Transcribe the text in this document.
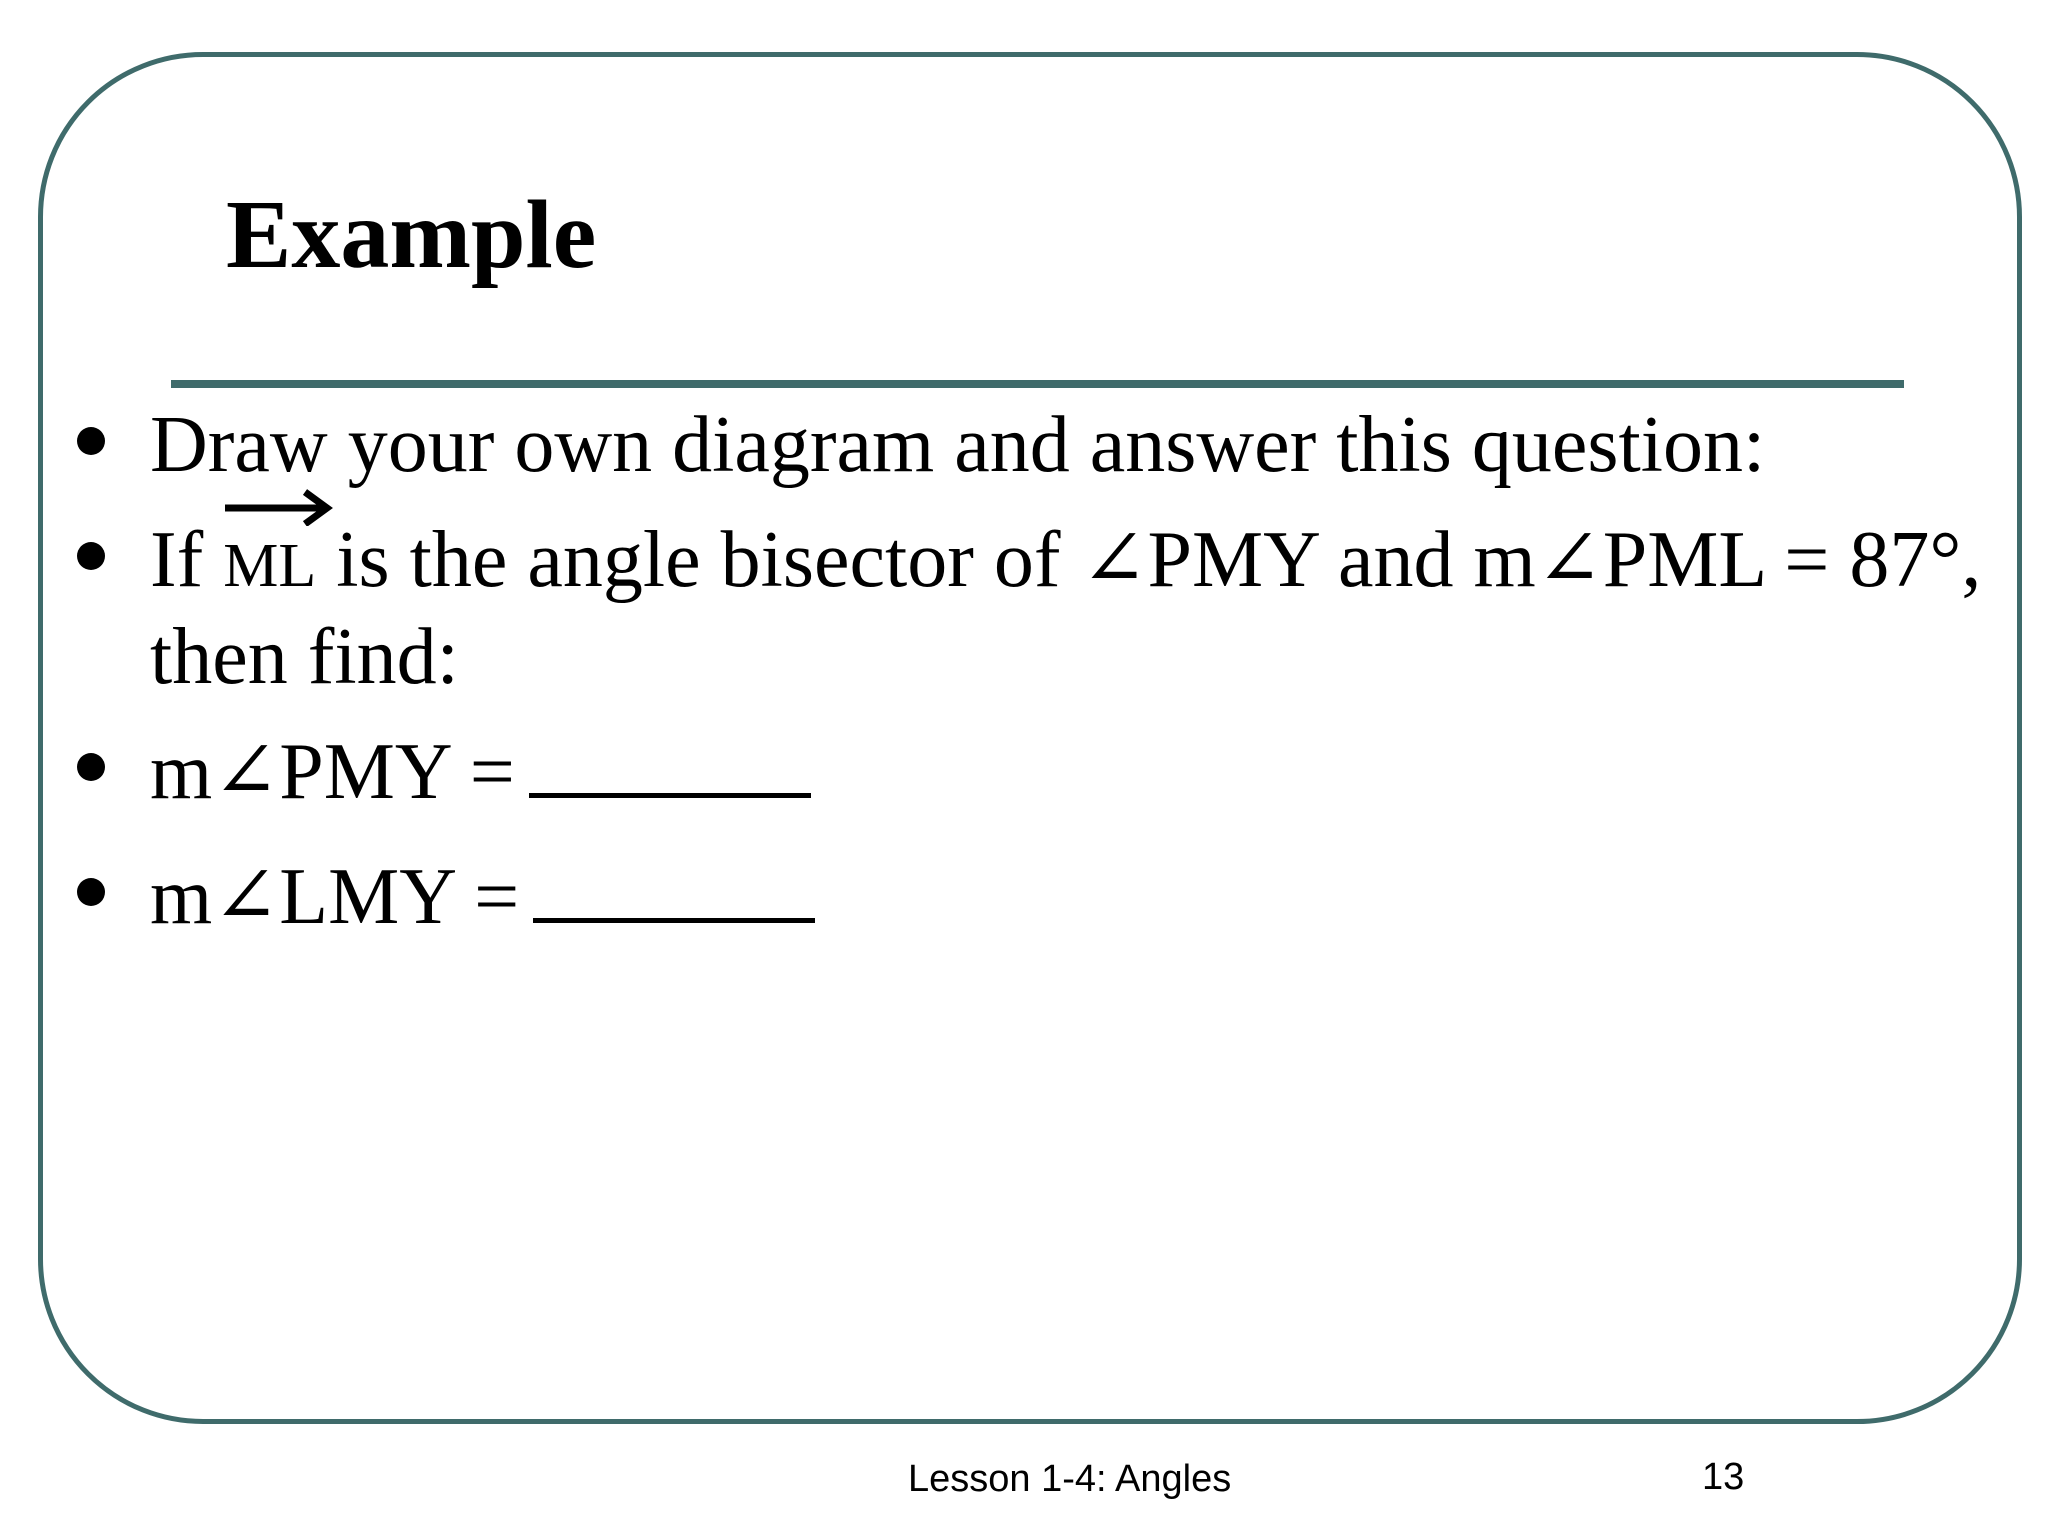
Example
Draw your own diagram and answer this question:
If ML is the angle bisector of ∠PMY and m∠PML = 87°,
then find:
m∠PMY =
m∠LMY =
Lesson 1-4: Angles	13
